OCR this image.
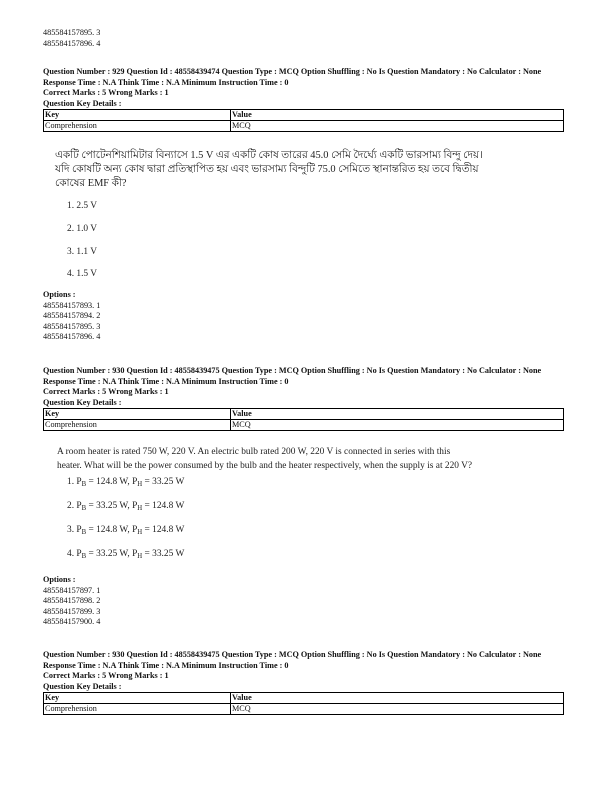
485584157895. 3
485584157896. 4
Question Number : 929 Question Id : 48558439474 Question Type : MCQ Option Shuffling : No Is Question Mandatory : No Calculator : None
Response Time : N.A Think Time : N.A Minimum Instruction Time : 0
Correct Marks : 5 Wrong Marks : 1
Question Key Details :
Key	Value
Comprehension	MCQ
একটি পোটেনশিয়ামিটার বিন্যাসে 1.5 V এর একটি কোষ তারের 45.0 সেমি দৈর্ঘ্যে একটি ভারসাম্য বিন্দু দেয়।
যদি কোষটি অন্য কোষ দ্বারা প্রতিস্থাপিত হয় এবং ভারসাম্য বিন্দুটি 75.0 সেমিতে স্থানান্তরিত হয় তবে দ্বিতীয়
কোষের EMF কী?
1. 2.5 V
2. 1.0 V
3. 1.1 V
4. 1.5 V
Options :
485584157893. 1
485584157894. 2
485584157895. 3
485584157896. 4
Question Number : 930 Question Id : 48558439475 Question Type : MCQ Option Shuffling : No Is Question Mandatory : No Calculator : None
Response Time : N.A Think Time : N.A Minimum Instruction Time : 0
Correct Marks : 5 Wrong Marks : 1
Question Key Details :
Key	Value
Comprehension	MCQ
A room heater is rated 750 W, 220 V. An electric bulb rated 200 W, 220 V is connected in series with this
heater. What will be the power consumed by the bulb and the heater respectively, when the supply is at 220 V?
1. $P_B = 124.8$ W, $P_H = 33.25$ W
2. $P_B = 33.25$ W, $P_H = 124.8$ W
3. $P_B = 124.8$ W, $P_H = 124.8$ W
4. $P_B = 33.25$ W, $P_H = 33.25$ W
Options :
485584157897. 1
485584157898. 2
485584157899. 3
485584157900. 4
Question Number : 930 Question Id : 48558439475 Question Type : MCQ Option Shuffling : No Is Question Mandatory : No Calculator : None
Response Time : N.A Think Time : N.A Minimum Instruction Time : 0
Correct Marks : 5 Wrong Marks : 1
Question Key Details :
Key	Value
Comprehension	MCQ
